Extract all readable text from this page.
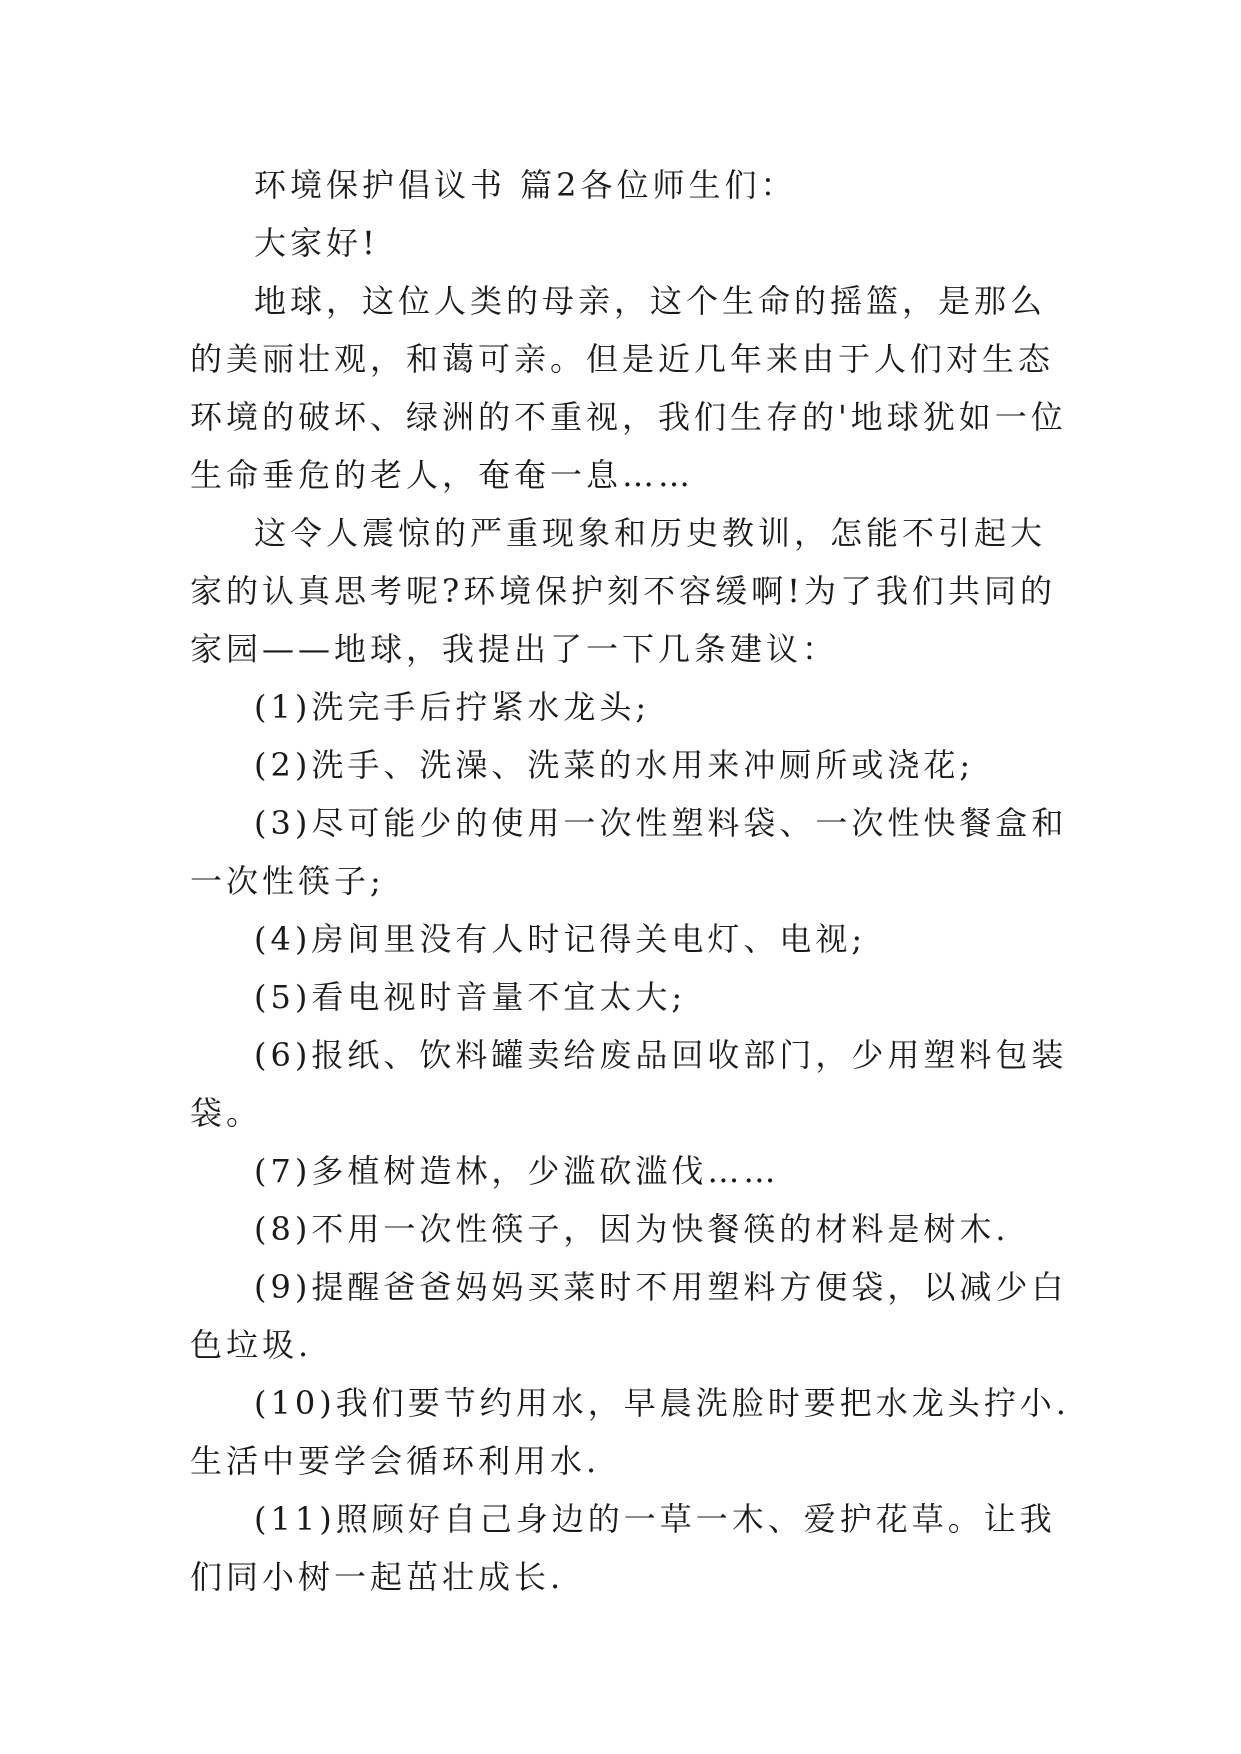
环境保护倡议书 篇2各位师生们：

大家好!

地球，这位人类的母亲，这个生命的摇篮，是那么的美丽壮观，和蔼可亲。但是近几年来由于人们对生态环境的破坏、绿洲的不重视，我们生存的'地球犹如一位生命垂危的老人，奄奄一息……

这令人震惊的严重现象和历史教训，怎能不引起大家的认真思考呢?环境保护刻不容缓啊!为了我们共同的家园——地球，我提出了一下几条建议：

(1)洗完手后拧紧水龙头;

(2)洗手、洗澡、洗菜的水用来冲厕所或浇花;

(3)尽可能少的使用一次性塑料袋、一次性快餐盒和一次性筷子;

(4)房间里没有人时记得关电灯、电视;

(5)看电视时音量不宜太大;

(6)报纸、饮料罐卖给废品回收部门，少用塑料包装袋。

(7)多植树造林，少滥砍滥伐……

(8)不用一次性筷子，因为快餐筷的材料是树木.

(9)提醒爸爸妈妈买菜时不用塑料方便袋，以减少白色垃圾.

(10)我们要节约用水，早晨洗脸时要把水龙头拧小.生活中要学会循环利用水.

(11)照顾好自己身边的一草一木、爱护花草。让我们同小树一起茁壮成长.
